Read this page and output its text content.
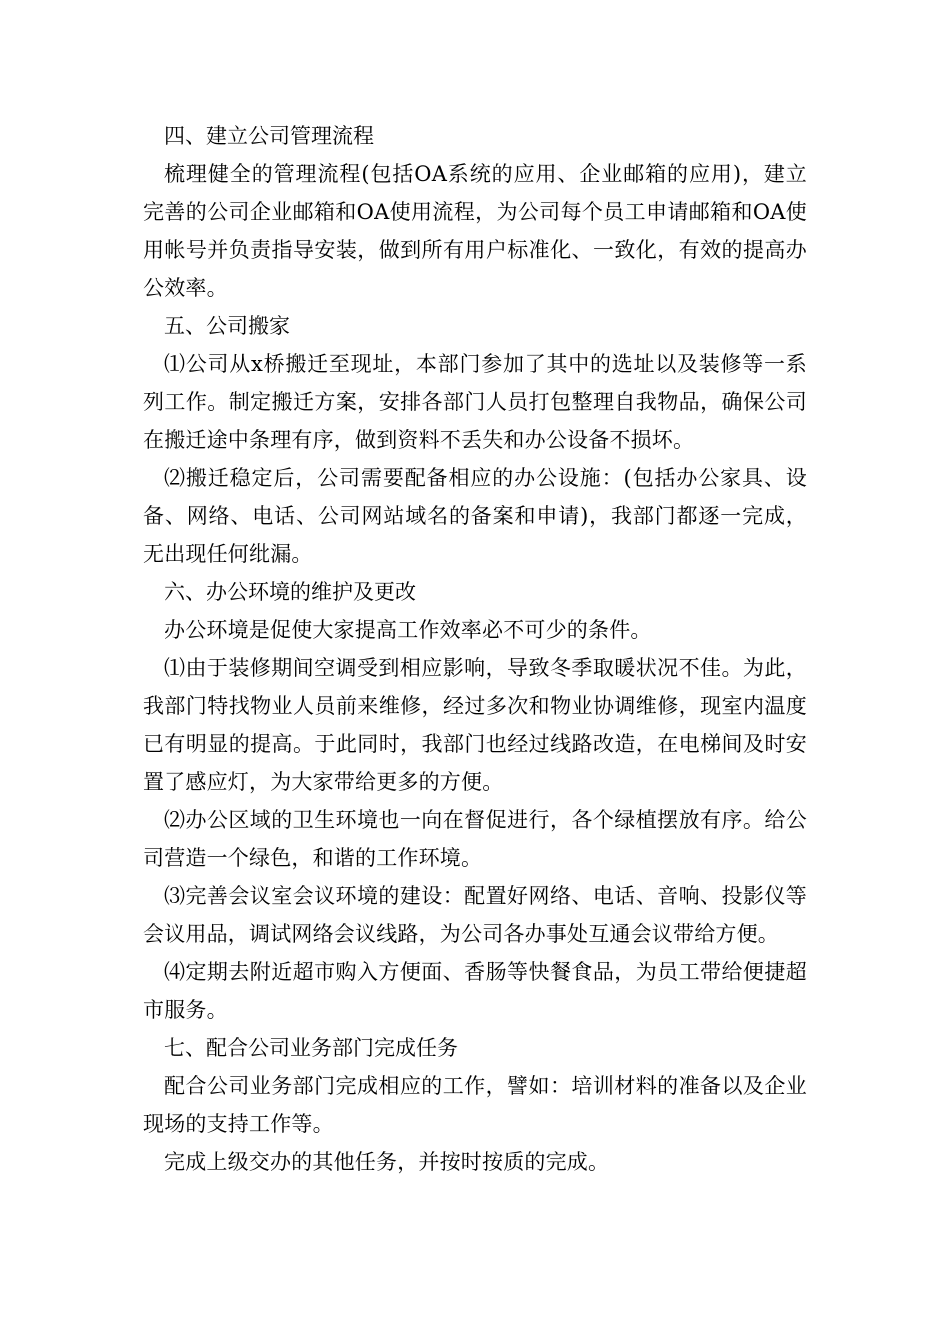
四、建立公司管理流程

梳理健全的管理流程(包括OA系统的应用、企业邮箱的应用)，建立完善的公司企业邮箱和OA使用流程，为公司每个员工申请邮箱和OA使用帐号并负责指导安装，做到所有用户标准化、一致化，有效的提高办公效率。

五、公司搬家

⑴公司从x桥搬迁至现址，本部门参加了其中的选址以及装修等一系列工作。制定搬迁方案，安排各部门人员打包整理自我物品，确保公司在搬迁途中条理有序，做到资料不丢失和办公设备不损坏。

⑵搬迁稳定后，公司需要配备相应的办公设施：(包括办公家具、设备、网络、电话、公司网站域名的备案和申请)，我部门都逐一完成，无出现任何纰漏。

六、办公环境的维护及更改

办公环境是促使大家提高工作效率必不可少的条件。

⑴由于装修期间空调受到相应影响，导致冬季取暖状况不佳。为此，我部门特找物业人员前来维修，经过多次和物业协调维修，现室内温度已有明显的提高。于此同时，我部门也经过线路改造，在电梯间及时安置了感应灯，为大家带给更多的方便。

⑵办公区域的卫生环境也一向在督促进行，各个绿植摆放有序。给公司营造一个绿色，和谐的工作环境。

⑶完善会议室会议环境的建设：配置好网络、电话、音响、投影仪等会议用品，调试网络会议线路，为公司各办事处互通会议带给方便。

⑷定期去附近超市购入方便面、香肠等快餐食品，为员工带给便捷超市服务。

七、配合公司业务部门完成任务

配合公司业务部门完成相应的工作，譬如：培训材料的准备以及企业现场的支持工作等。

完成上级交办的其他任务，并按时按质的完成。
